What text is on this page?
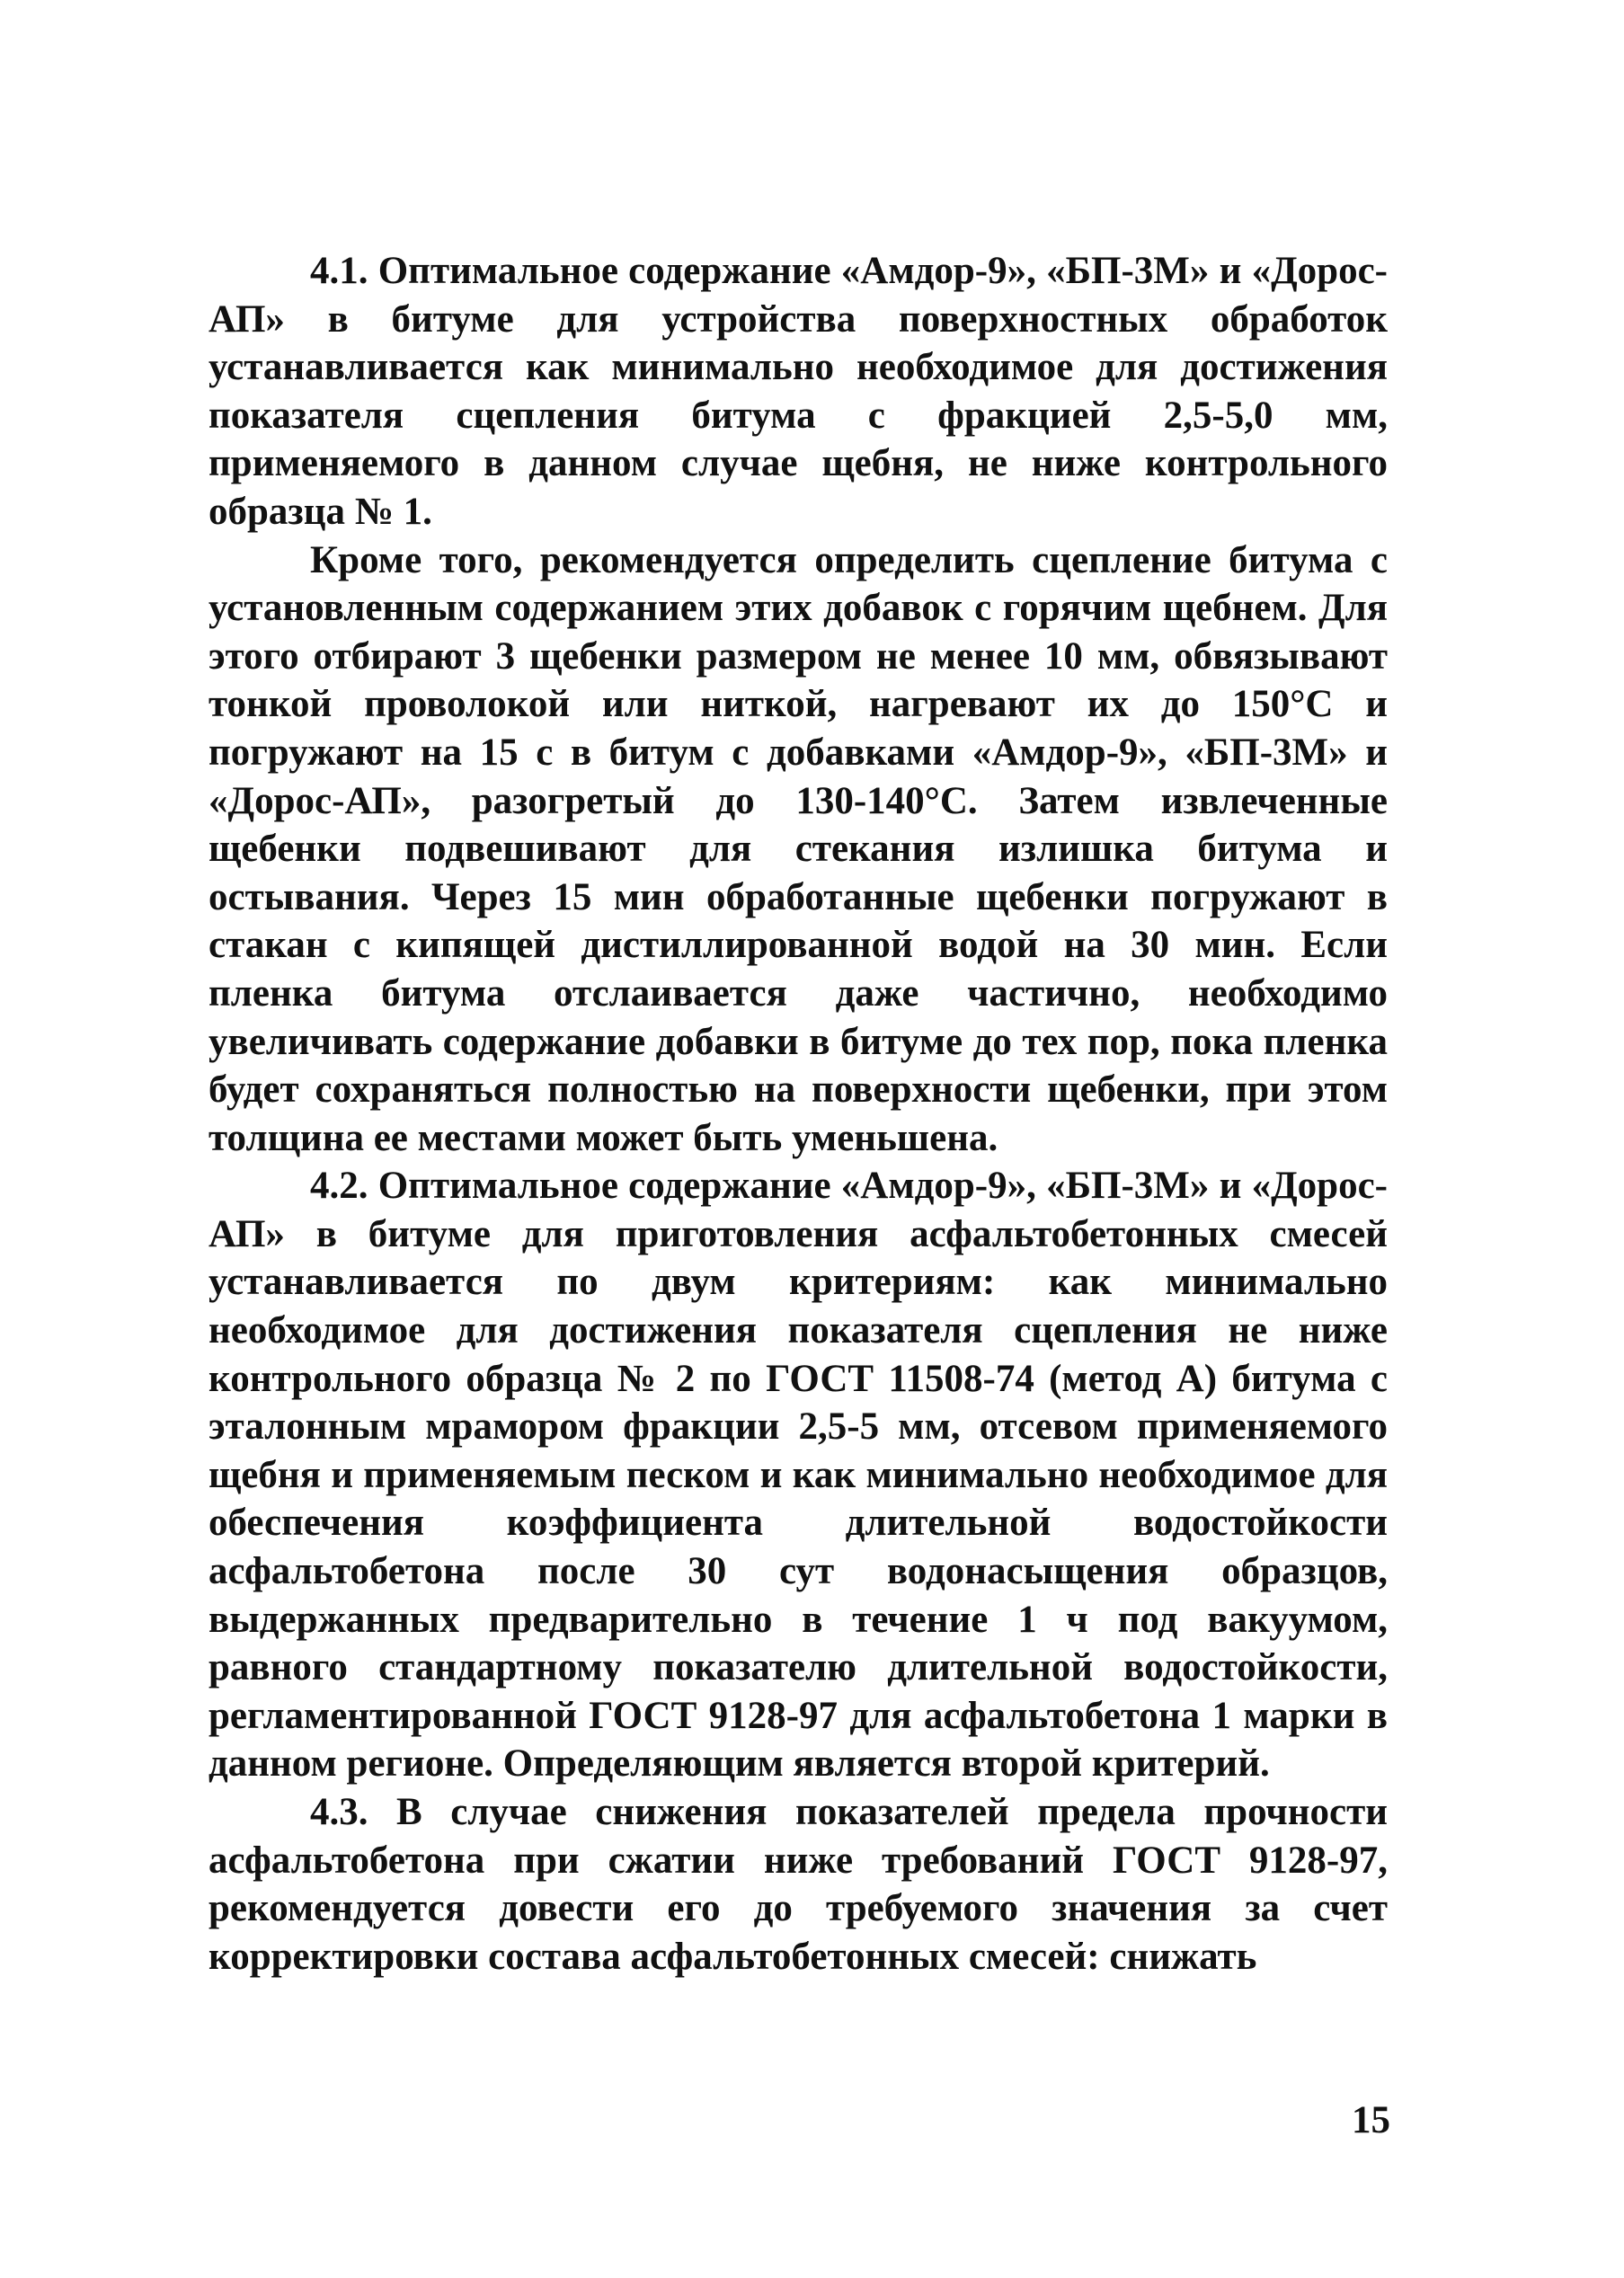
4.1. Оптимальное содержание «Амдор-9», «БП-3М» и «Дорос-АП» в битуме для устройства поверхностных обработок устанавливается как минимально необходимое для достижения показателя сцепления битума с фракцией 2,5-5,0 мм, применяемого в данном случае щебня, не ниже контрольного образца № 1.

Кроме того, рекомендуется определить сцепление битума с установленным содержанием этих добавок с горячим щебнем. Для этого отбирают 3 щебенки размером не менее 10 мм, обвязывают тонкой проволокой или ниткой, нагревают их до 150°С и погружают на 15 с в битум с добавками «Амдор-9», «БП-3М» и «Дорос-АП», разогретый до 130-140°С. Затем извлеченные щебенки подвешивают для стекания излишка битума и остывания. Через 15 мин обработанные щебенки погружают в стакан с кипящей дистиллированной водой на 30 мин. Если пленка битума отслаивается даже частично, необходимо увеличивать содержание добавки в битуме до тех пор, пока пленка будет сохраняться полностью на поверхности щебенки, при этом толщина ее местами может быть уменьшена.

4.2. Оптимальное содержание «Амдор-9», «БП-3М» и «Дорос-АП» в битуме для приготовления асфальтобетонных смесей устанавливается по двум критериям: как минимально необходимое для достижения показателя сцепления не ниже контрольного образца № 2 по ГОСТ 11508-74 (метод А) битума с эталонным мрамором фракции 2,5-5 мм, отсевом применяемого щебня и применяемым песком и как минимально необходимое для обеспечения коэффициента длительной водостойкости асфальтобетона после 30 сут водонасыщения образцов, выдержанных предварительно в течение 1 ч под вакуумом, равного стандартному показателю длительной водостойкости, регламентированной ГОСТ 9128-97 для асфальтобетона 1 марки в данном регионе. Определяющим является второй критерий.

4.3. В случае снижения показателей предела прочности асфальтобетона при сжатии ниже требований ГОСТ 9128-97, рекомендуется довести его до требуемого значения за счет корректировки состава асфальтобетонных смесей: снижать

15
